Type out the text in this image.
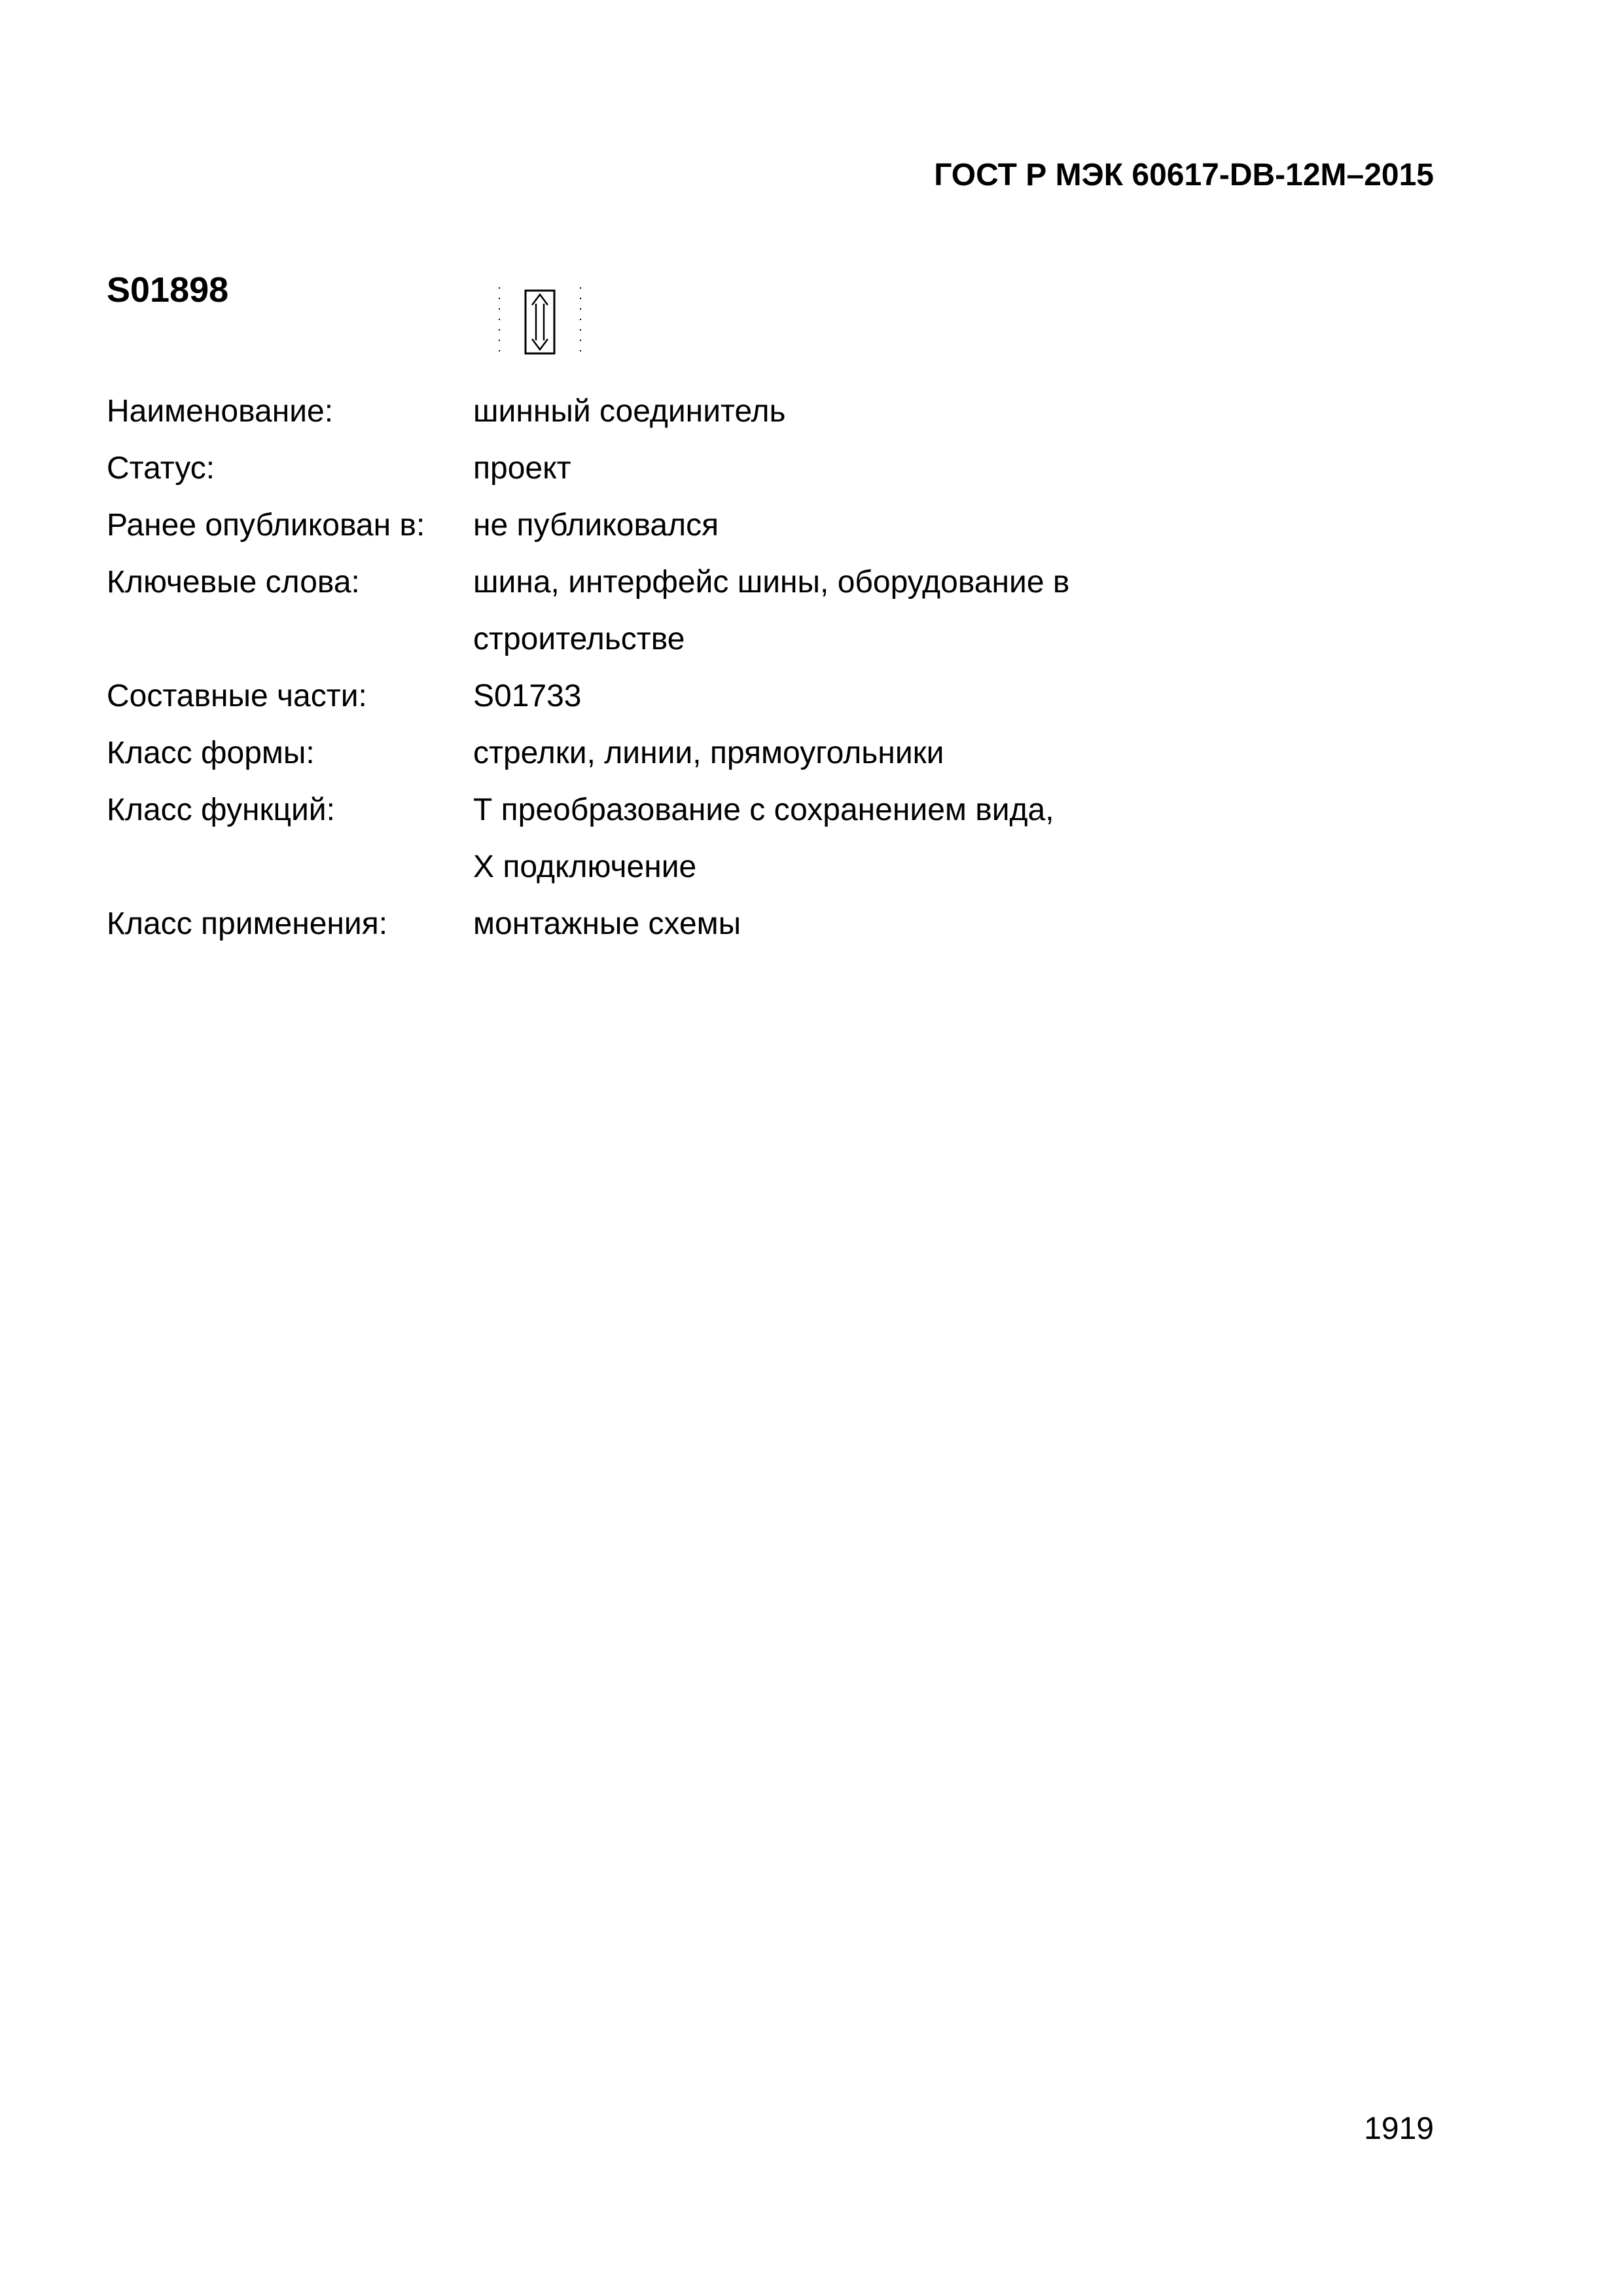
ГОСТ Р МЭК 60617-DB-12M–2015
S01898
Наименование:	шинный соединитель
Статус:	проект
Ранее опубликован в:	не публиковался
Ключевые слова:	шина, интерфейс шины, оборудование в
строительстве
Составные части:	S01733
Класс формы:	стрелки, линии, прямоугольники
Класс функций:	Т преобразование с сохранением вида,
X подключение
Класс применения:	монтажные схемы
1919
